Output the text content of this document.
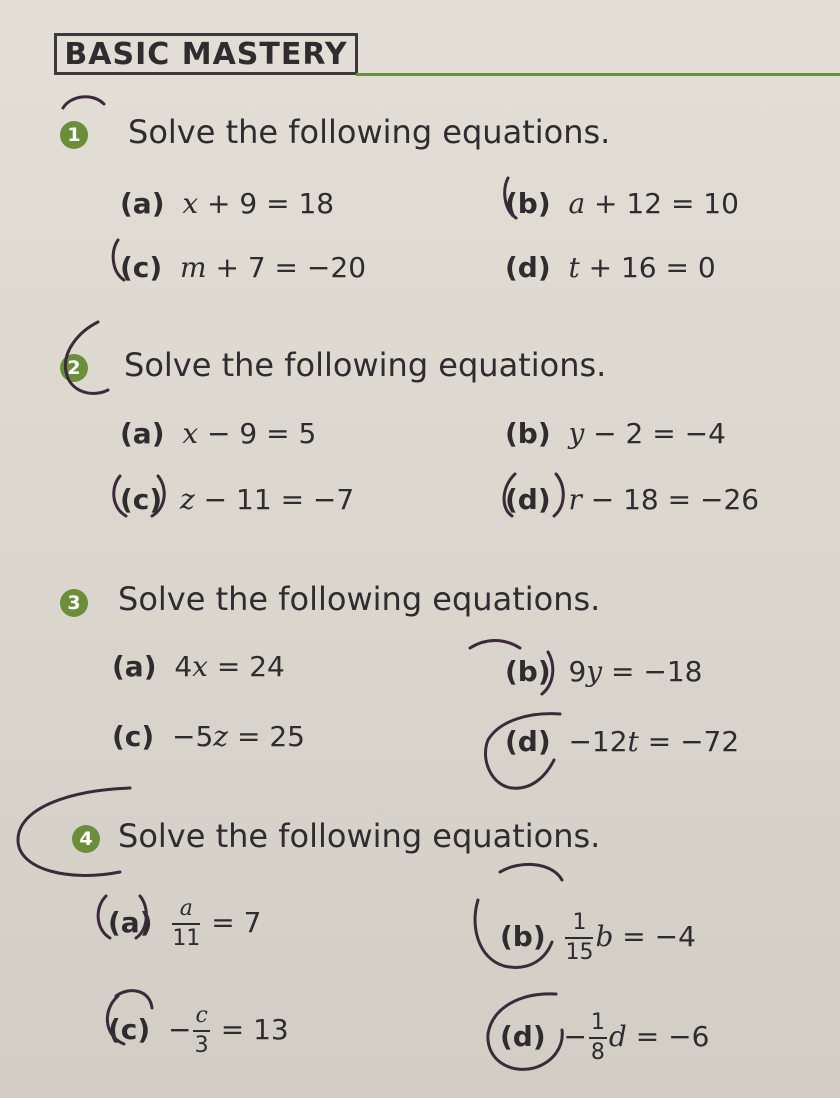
BASIC MASTERY
1 Solve the following equations.
(a) x + 9 = 18	(b) a + 12 = 10
(c) m + 7 = −20	(d) t + 16 = 0
2 Solve the following equations.
(a) x − 9 = 5	(b) y − 2 = −4
(c) z − 11 = −7	(d) r − 18 = −26
3 Solve the following equations.
(a) 4x = 24	(b) 9y = −18
(c) −5z = 25	(d) −12t = −72
4 Solve the following equations.
$(a) \frac{a}{11} = 7$	$(b) \frac{1}{15}$ b = −4
$(c) - \frac{c}{3} = 13$	$(d) - \frac{1}{8}$ d = −6
